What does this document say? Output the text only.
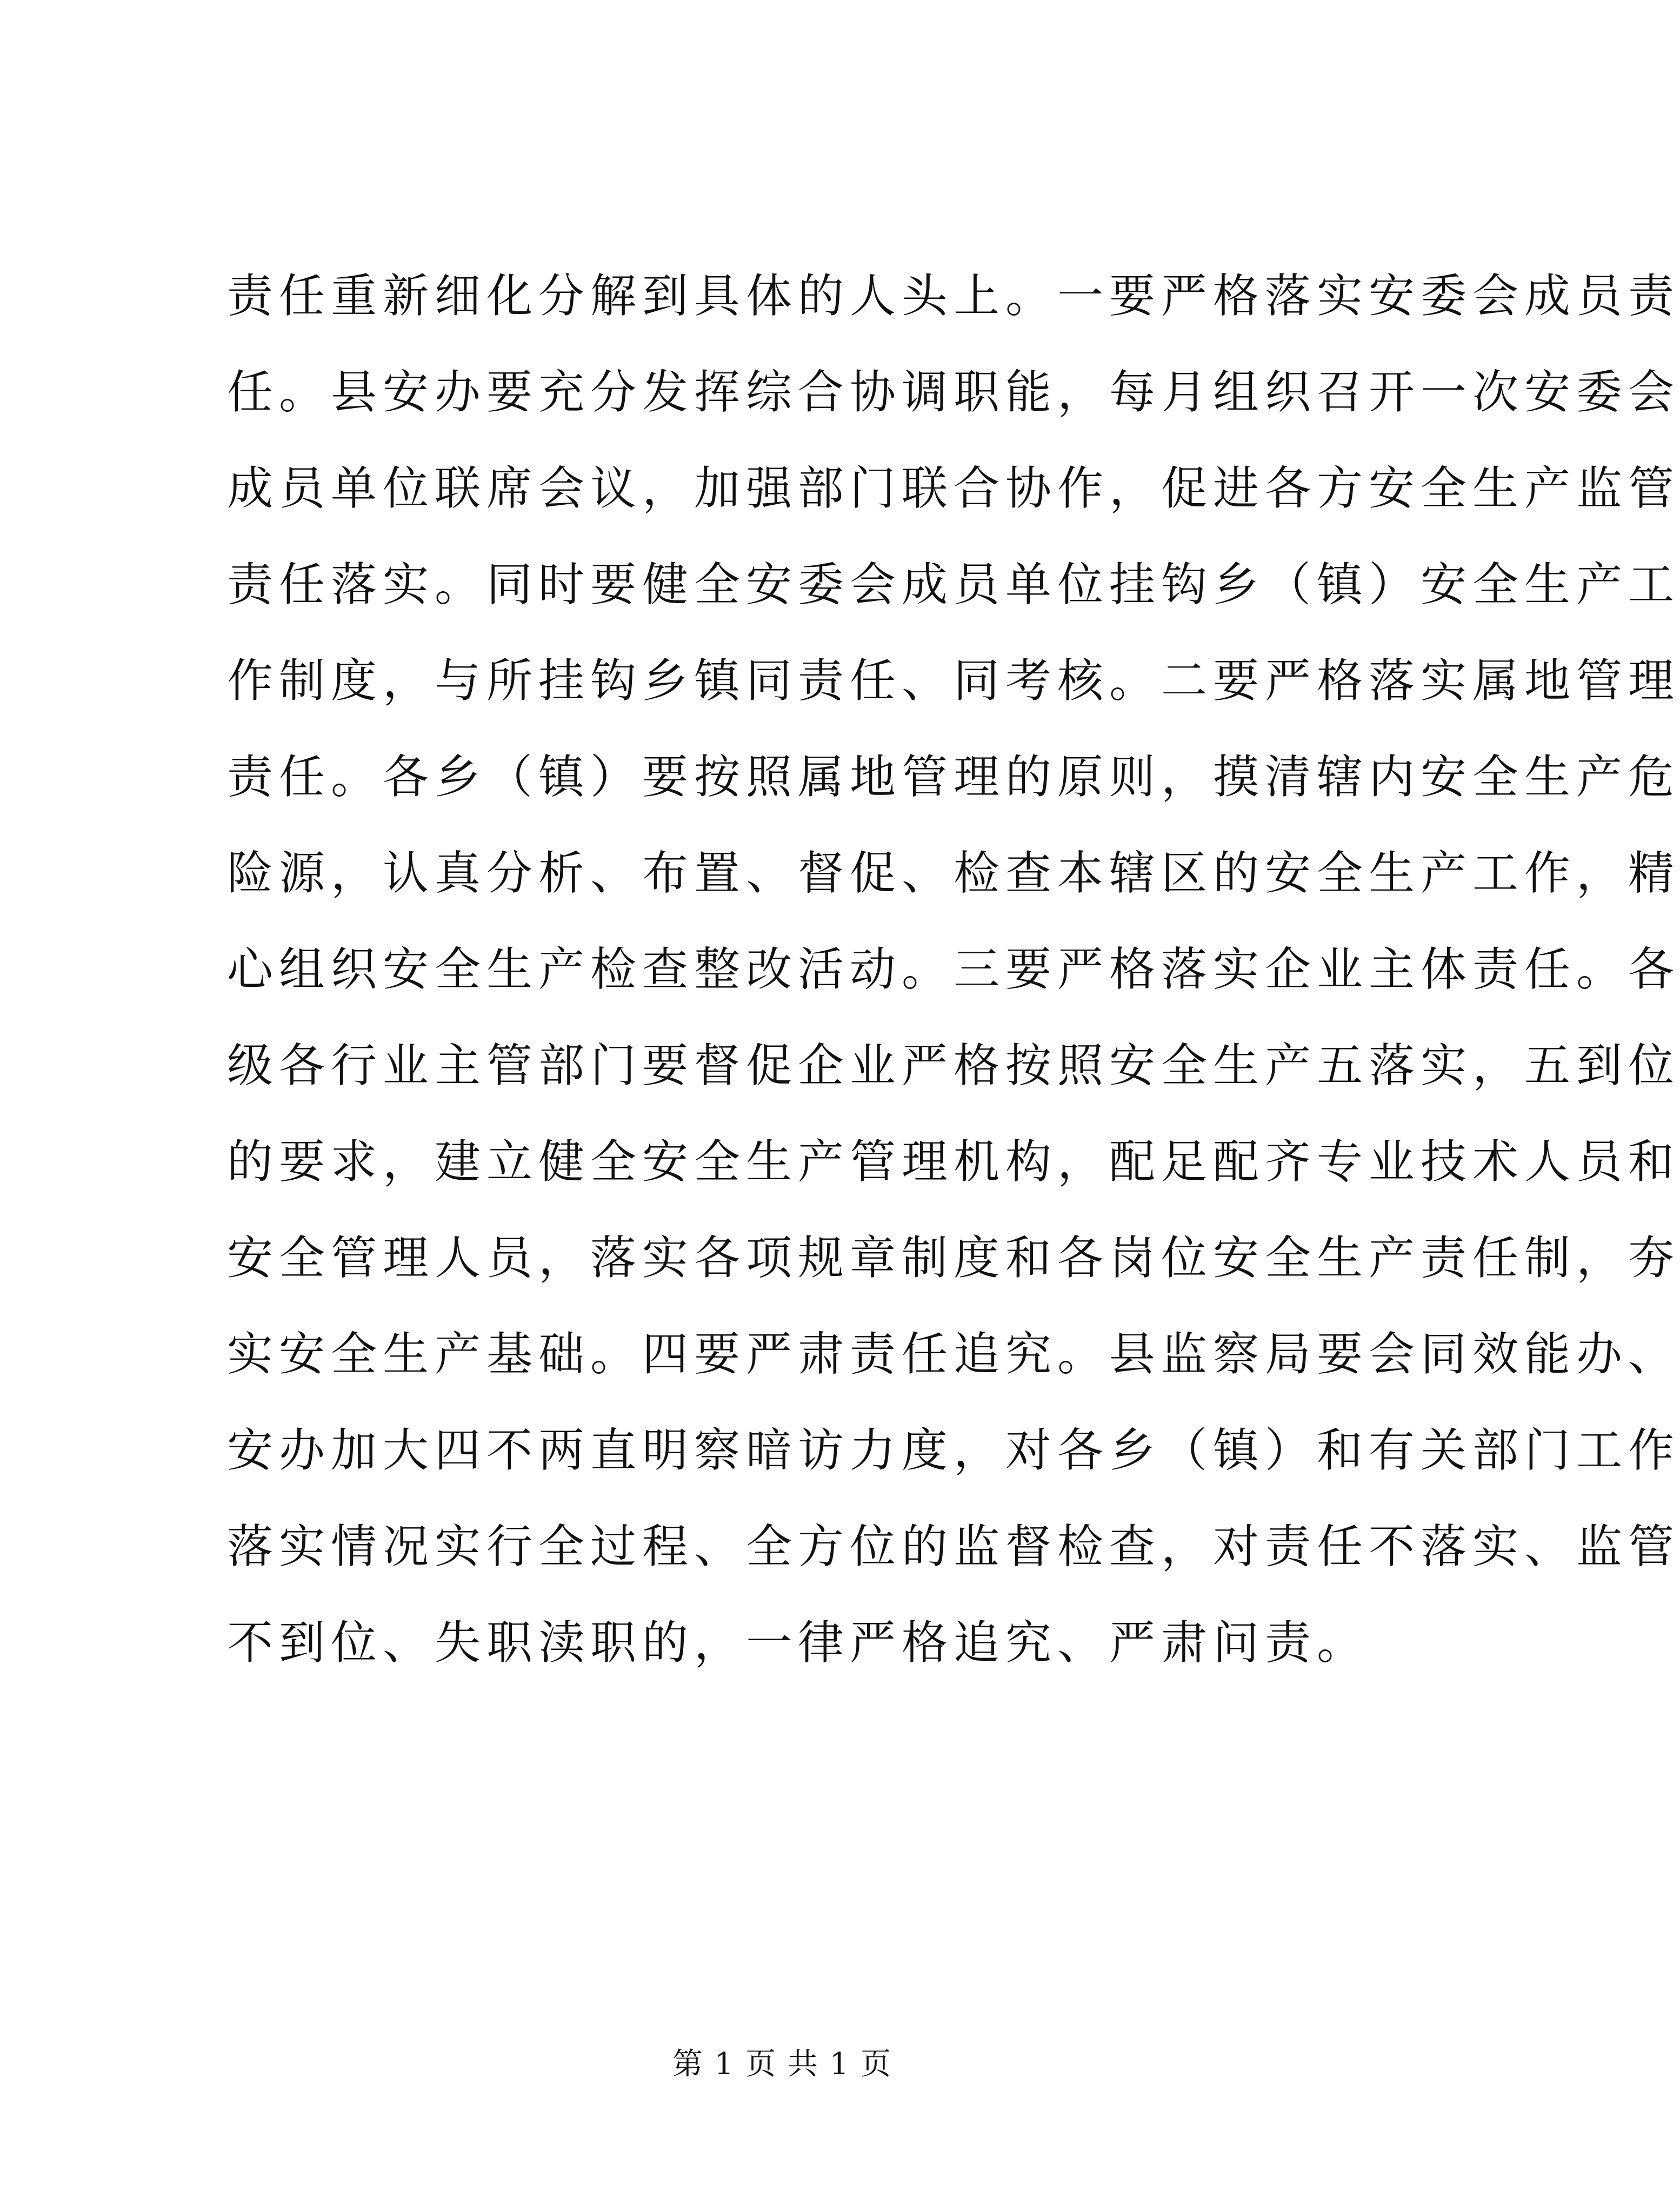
责任重新细化分解到具体的人头上。一要严格落实安委会成员责
任。县安办要充分发挥综合协调职能，每月组织召开一次安委会
成员单位联席会议，加强部门联合协作，促进各方安全生产监管
责任落实。同时要健全安委会成员单位挂钩乡（镇）安全生产工
作制度，与所挂钩乡镇同责任、同考核。二要严格落实属地管理
责任。各乡（镇）要按照属地管理的原则，摸清辖内安全生产危
险源，认真分析、布置、督促、检查本辖区的安全生产工作，精
心组织安全生产检查整改活动。三要严格落实企业主体责任。各
级各行业主管部门要督促企业严格按照安全生产五落实，五到位
的要求，建立健全安全生产管理机构，配足配齐专业技术人员和
安全管理人员，落实各项规章制度和各岗位安全生产责任制，夯
实安全生产基础。四要严肃责任追究。县监察局要会同效能办、
安办加大四不两直明察暗访力度，对各乡（镇）和有关部门工作
落实情况实行全过程、全方位的监督检查，对责任不落实、监管
不到位、失职渎职的，一律严格追究、严肃问责。
第 1 页 共 1 页
